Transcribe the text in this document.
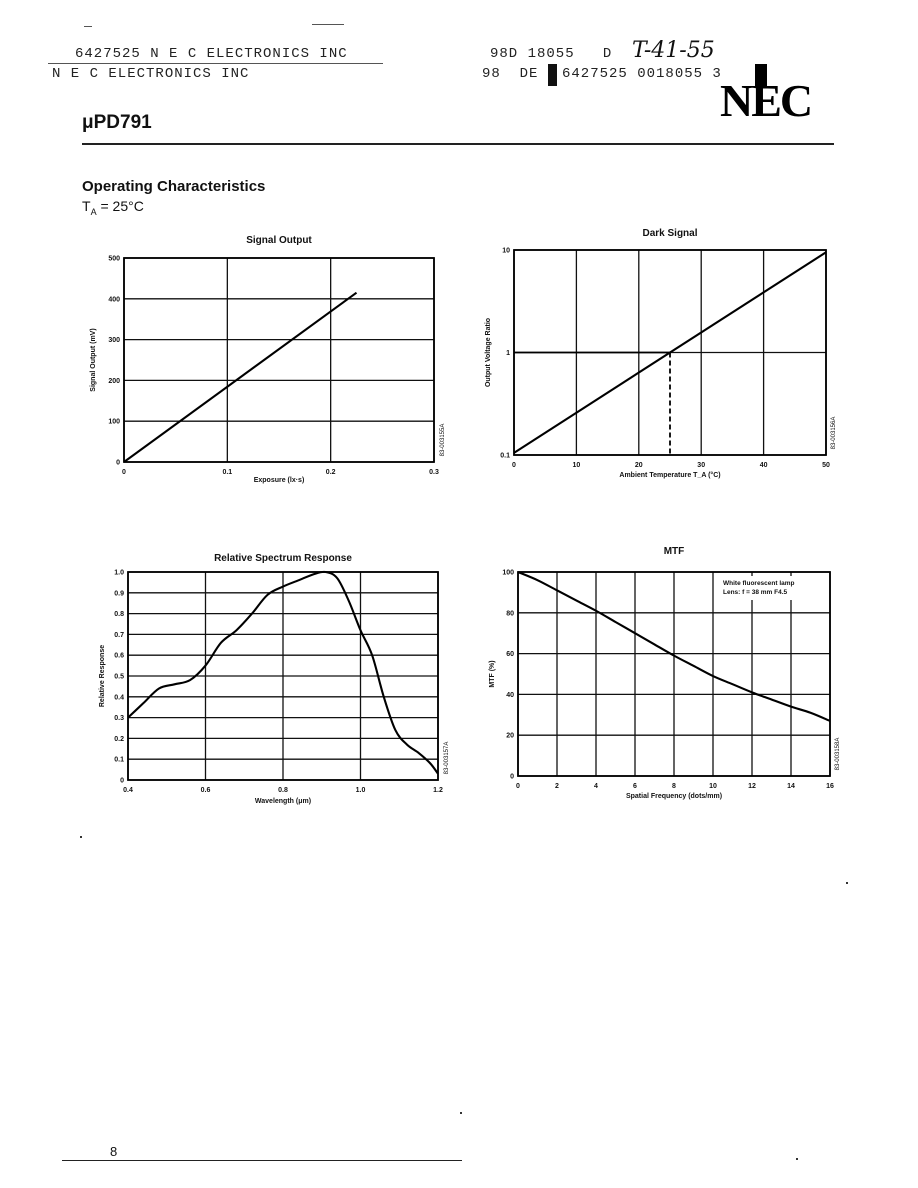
6427525 N E C ELECTRONICS INC	98D 18055   D T-41-55
N E C ELECTRONICS INC	98  DE 6427525 0018055 3
NEC
μPD791
Operating Characteristics
$T_A = 25^\circ C$
0	0.1	0.2	0.3
0
100
200
300
400
500
Signal Output
Exposure (lx·s)
Signal Output (mV)
83-003155A
0	10	20	30	40	50
0.1
1
10
Dark Signal
Ambient Temperature T_A (°C)
Output Voltage Ratio
83-003156A
0.4	0.6	0.8	1.0	1.2
0
0.1
0.2
0.3
0.4
0.5
0.6
0.7
0.8
0.9
1.0
Relative Spectrum Response
Wavelength (μm)
Relative Response
83-003157A
0	2	4	6	8	10	12	14	16
0
20
40
60
80
100
MTF
Spatial Frequency (dots/mm)
MTF (%)
83-003158A
White fluorescent lamp
Lens: f = 38 mm F4.5
8
